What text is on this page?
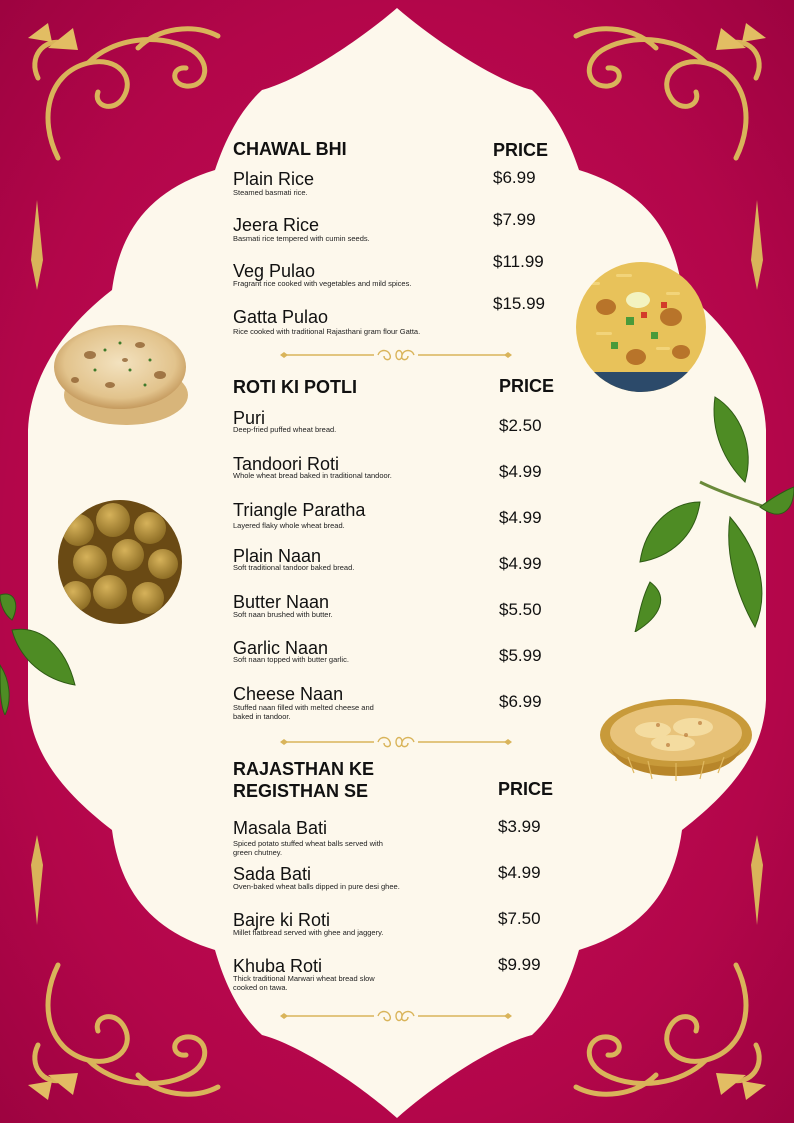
CHAWAL BHI	PRICE
Plain Rice
Steamed basmati rice.
$6.99
Jeera Rice
Basmati rice tempered with cumin seeds.
$7.99
Veg Pulao
Fragrant rice cooked with vegetables and mild spices.
$11.99
Gatta Pulao
Rice cooked with traditional Rajasthani gram flour Gatta.
$15.99
ROTI KI POTLI	PRICE
Puri
Deep-fried puffed wheat bread.	$2.50
Tandoori Roti
Whole wheat bread baked in traditional tandoor.	$4.99
Triangle Paratha
Layered flaky whole wheat bread.	$4.99
Plain Naan
Soft traditional tandoor baked bread.	$4.99
Butter Naan
Soft naan brushed with butter.	$5.50
Garlic Naan
Soft naan topped with butter garlic.	$5.99
Cheese Naan
Stuffed naan filled with melted cheese and baked in tandoor.
$6.99
RAJASTHAN KE
REGISTHAN SE	PRICE
Masala Bati
Spiced potato stuffed wheat balls served with green chutney.
$3.99
Sada Bati
Oven-baked wheat balls dipped in pure desi ghee.
$4.99
Bajre ki Roti
Millet flatbread served with ghee and jaggery.
$7.50
Khuba Roti
Thick traditional Marwari wheat bread slow cooked on tawa.
$9.99
